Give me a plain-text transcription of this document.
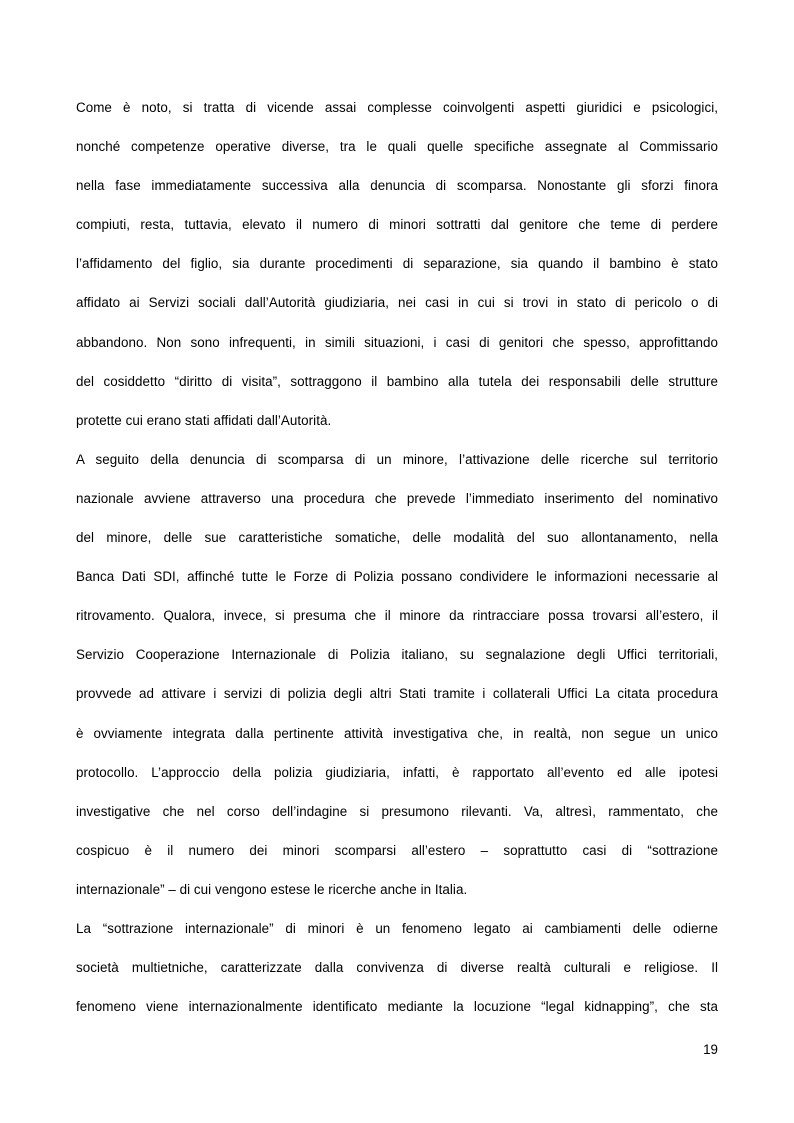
Come è noto, si tratta di vicende assai complesse coinvolgenti aspetti giuridici e psicologici,
nonché competenze operative diverse, tra le quali quelle specifiche assegnate al Commissario
nella fase immediatamente successiva alla denuncia di scomparsa. Nonostante gli sforzi finora
compiuti, resta, tuttavia, elevato il numero di minori sottratti dal genitore che teme di perdere
l’affidamento del figlio, sia durante procedimenti di separazione, sia quando il bambino è stato
affidato ai Servizi sociali dall’Autorità giudiziaria, nei casi in cui si trovi in stato di pericolo o di
abbandono. Non sono infrequenti, in simili situazioni, i casi di genitori che spesso, approfittando
del cosiddetto “diritto di visita”, sottraggono il bambino alla tutela dei responsabili delle strutture
protette cui erano stati affidati dall’Autorità.
A seguito della denuncia di scomparsa di un minore, l’attivazione delle ricerche sul territorio
nazionale avviene attraverso una procedura che prevede l’immediato inserimento del nominativo
del minore, delle sue caratteristiche somatiche, delle modalità del suo allontanamento, nella
Banca Dati SDI, affinché tutte le Forze di Polizia possano condividere le informazioni necessarie al
ritrovamento. Qualora, invece, si presuma che il minore da rintracciare possa trovarsi all’estero, il
Servizio Cooperazione Internazionale di Polizia italiano, su segnalazione degli Uffici territoriali,
provvede ad attivare i servizi di polizia degli altri Stati tramite i collaterali Uffici La citata procedura
è ovviamente integrata dalla pertinente attività investigativa che, in realtà, non segue un unico
protocollo. L’approccio della polizia giudiziaria, infatti, è rapportato all’evento ed alle ipotesi
investigative che nel corso dell’indagine si presumono rilevanti. Va, altresì, rammentato, che
cospicuo è il numero dei minori scomparsi all’estero – soprattutto casi di “sottrazione
internazionale” – di cui vengono estese le ricerche anche in Italia.
La “sottrazione internazionale” di minori è un fenomeno legato ai cambiamenti delle odierne
società multietniche, caratterizzate dalla convivenza di diverse realtà culturali e religiose. Il
fenomeno viene internazionalmente identificato mediante la locuzione “legal kidnapping”, che sta
19
